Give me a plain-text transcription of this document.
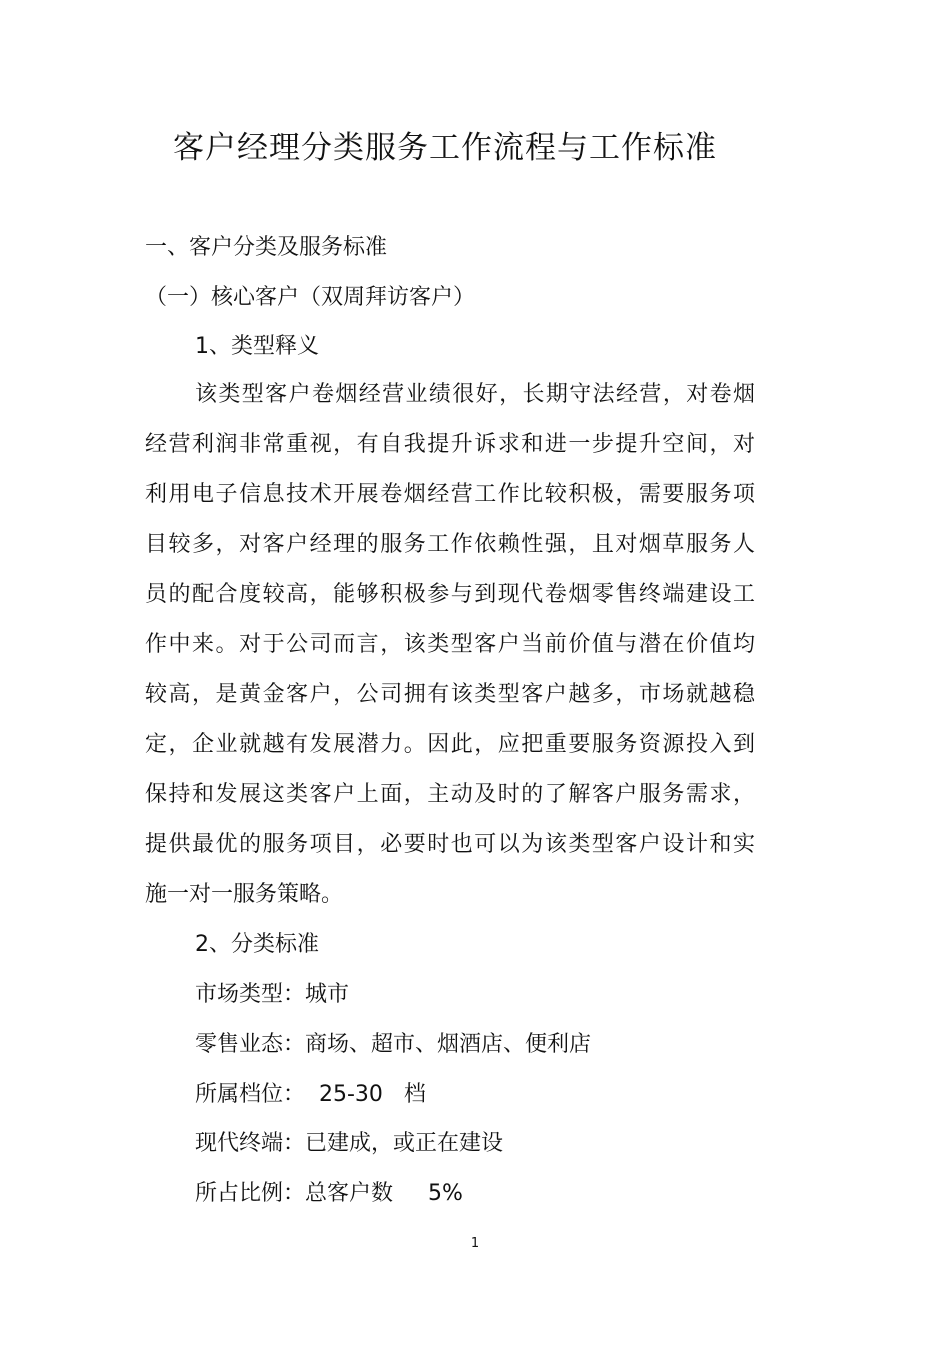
客户经理分类服务工作流程与工作标准
一、客户分类及服务标准
（一）核心客户（双周拜访客户）
1、类型释义
该类型客户卷烟经营业绩很好，长期守法经营，对卷烟
经营利润非常重视，有自我提升诉求和进一步提升空间，对
利用电子信息技术开展卷烟经营工作比较积极，需要服务项
目较多，对客户经理的服务工作依赖性强，且对烟草服务人
员的配合度较高，能够积极参与到现代卷烟零售终端建设工
作中来。对于公司而言，该类型客户当前价值与潜在价值均
较高，是黄金客户，公司拥有该类型客户越多，市场就越稳
定，企业就越有发展潜力。因此，应把重要服务资源投入到
保持和发展这类客户上面，主动及时的了解客户服务需求，
提供最优的服务项目，必要时也可以为该类型客户设计和实
施一对一服务策略。
2、分类标准
市场类型：城市
零售业态：商场、超市、烟酒店、便利店
所属档位：  25-30   档
现代终端：已建成，或正在建设
所占比例：总客户数     5%
1
